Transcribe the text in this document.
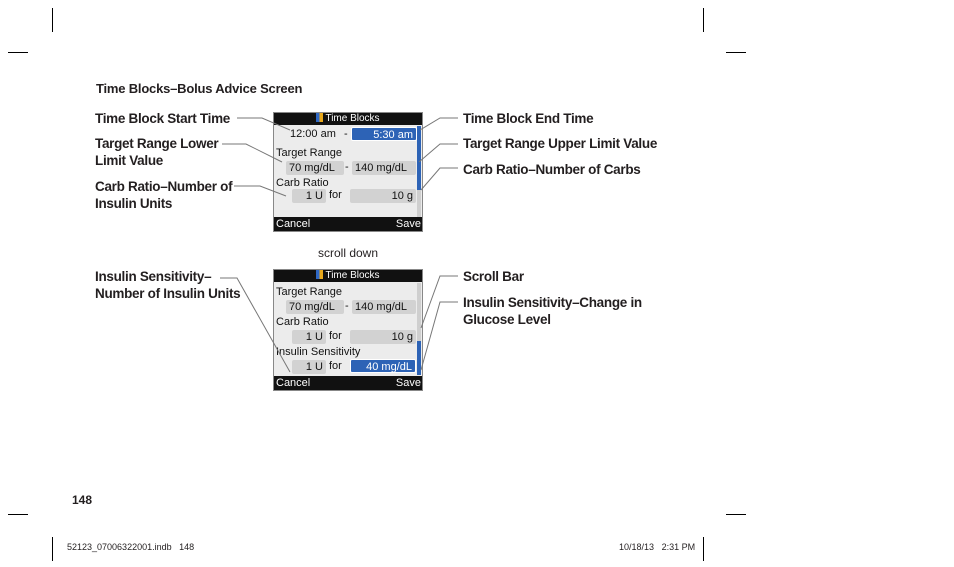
Time Blocks–Bolus Advice Screen
Time Block Start Time
Target Range Lower
Limit Value
Carb Ratio–Number of
Insulin Units
Insulin Sensitivity–
Number of Insulin Units
Time Block End Time
Target Range Upper Limit Value
Carb Ratio–Number of Carbs
Scroll Bar
Insulin Sensitivity–Change in
Glucose Level
Time Blocks
12:00 am -	5:30 am
Target Range
70 mg/dL - 140 mg/dL
Carb Ratio
1 U for	10 g
Cancel	Save
scroll down
Time Blocks
Target Range
70 mg/dL - 140 mg/dL
Carb Ratio
1 U for	10 g
Insulin Sensitivity
1 U for	40 mg/dL
Cancel	Save
148
52123_07006322001.indb 148	10/18/13 2:31 PM
